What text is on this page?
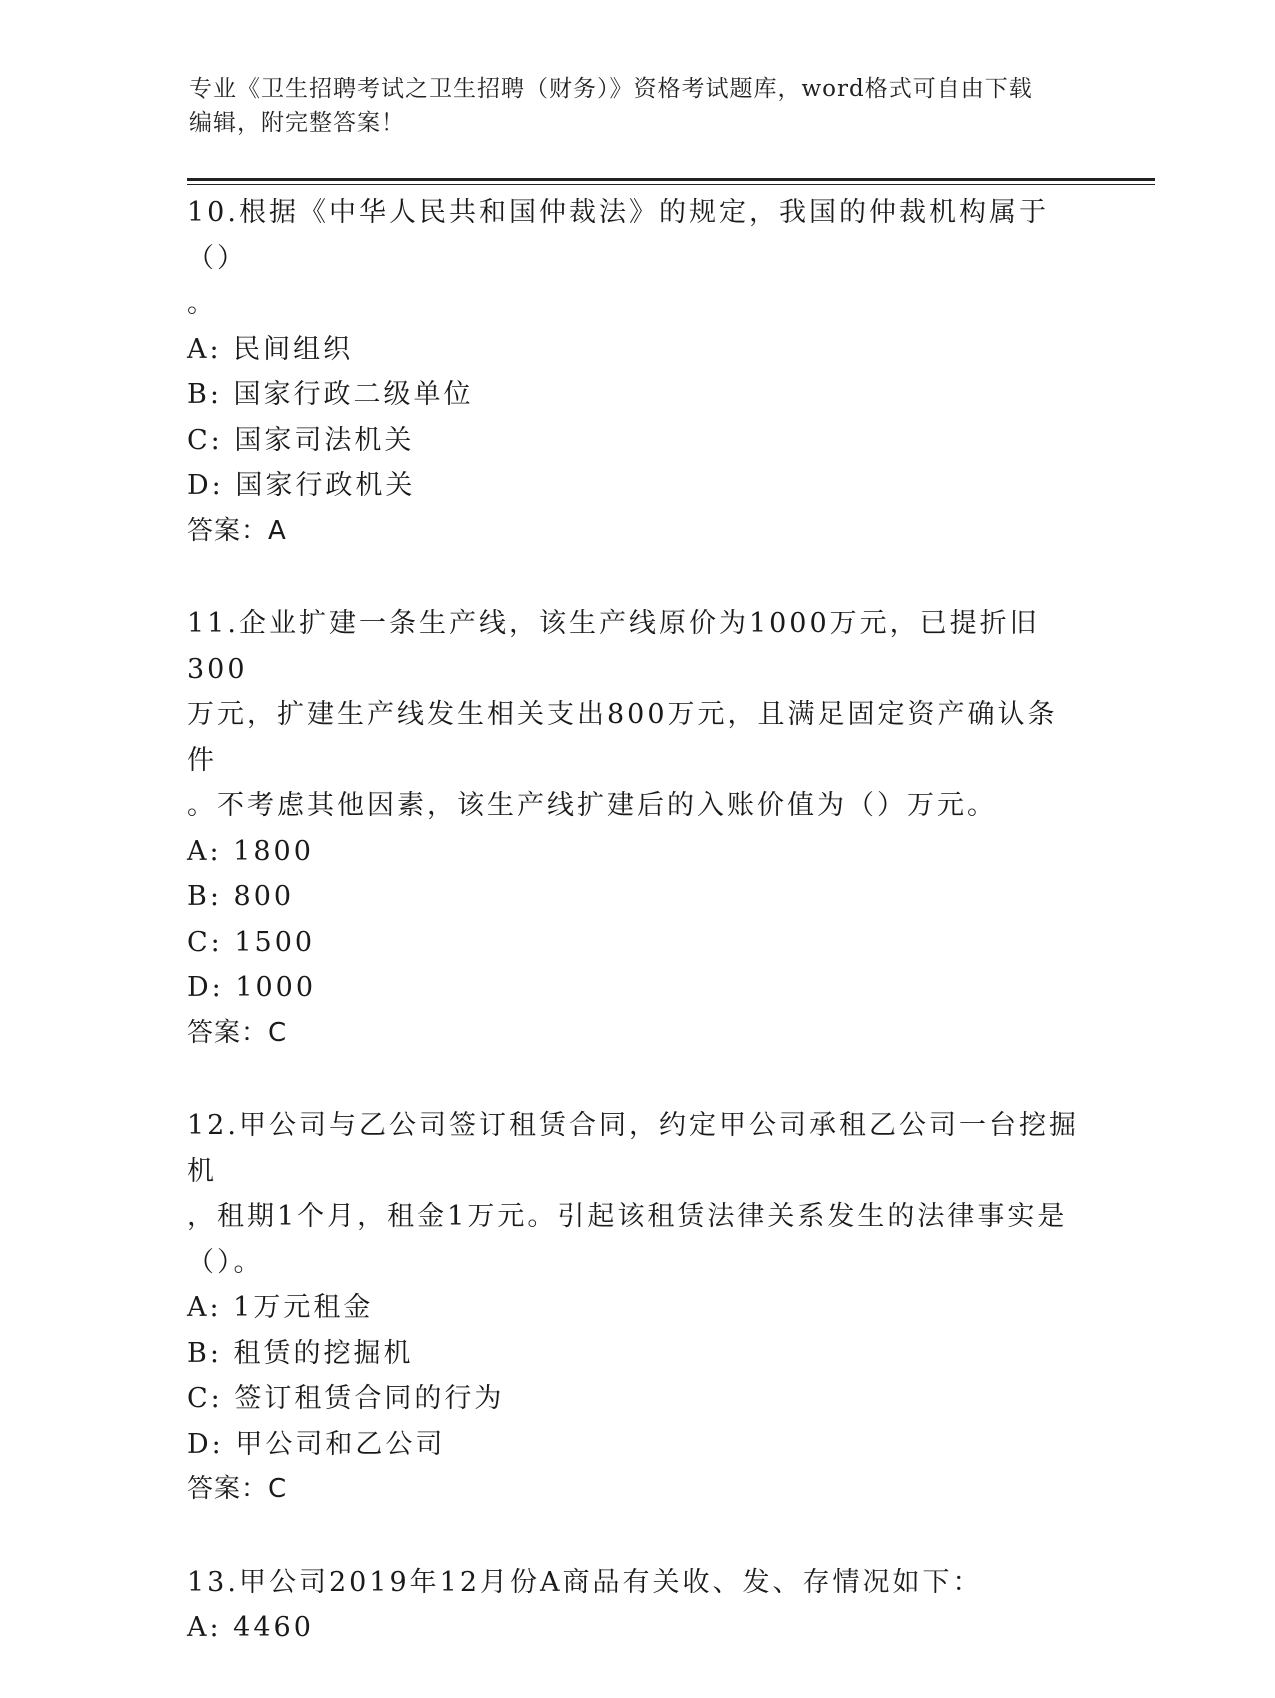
专业《卫生招聘考试之卫生招聘（财务）》资格考试题库，word格式可自由下载
编辑，附完整答案！
10.根据《中华人民共和国仲裁法》的规定，我国的仲裁机构属于（）
。
A: 民间组织
B: 国家行政二级单位
C: 国家司法机关
D: 国家行政机关
答案：A
11.企业扩建一条生产线，该生产线原价为1000万元，已提折旧300
万元，扩建生产线发生相关支出800万元，且满足固定资产确认条件
。不考虑其他因素，该生产线扩建后的入账价值为（）万元。
A: 1800
B: 800
C: 1500
D: 1000
答案：C
12.甲公司与乙公司签订租赁合同，约定甲公司承租乙公司一台挖掘机
，租期1个月，租金1万元。引起该租赁法律关系发生的法律事实是
（）。
A: 1万元租金
B: 租赁的挖掘机
C: 签订租赁合同的行为
D: 甲公司和乙公司
答案：C
13.甲公司2019年12月份A商品有关收、发、存情况如下：
A: 4460
